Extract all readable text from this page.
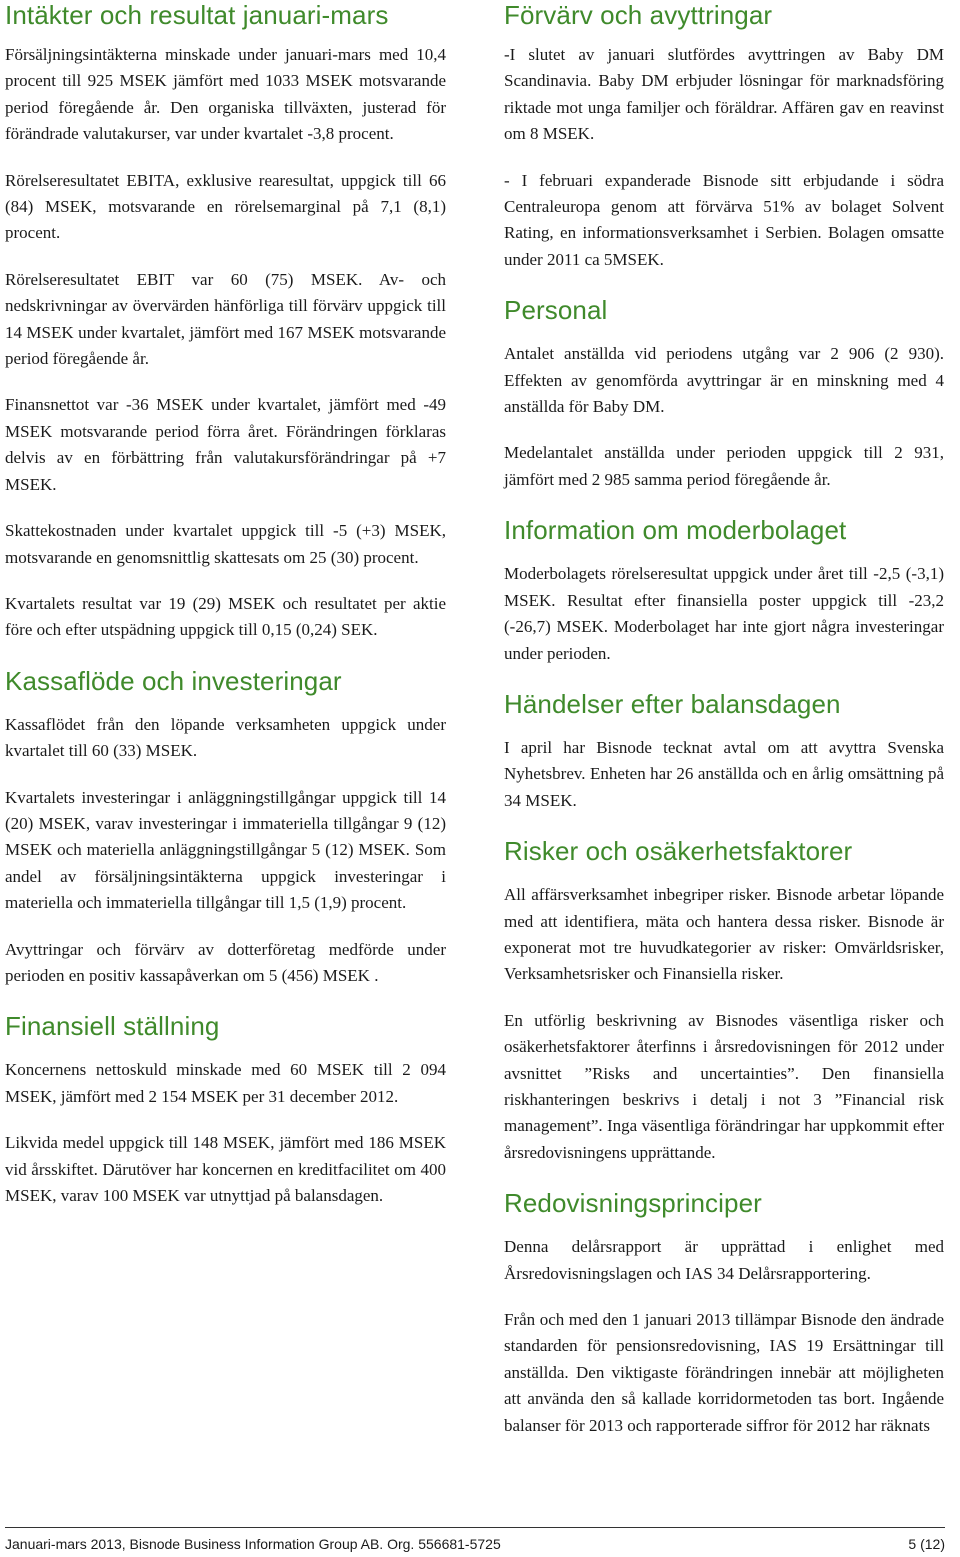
Intäkter och resultat januari-mars

Försäljningsintäkterna minskade under januari-mars med 10,4 procent till 925 MSEK jämfört med 1033 MSEK motsvarande period föregående år. Den organiska tillväxten, justerad för förändrade valutakurser, var under kvartalet -3,8 procent.

Rörelseresultatet EBITA, exklusive rearesultat, uppgick till 66 (84) MSEK, motsvarande en rörelsemarginal på 7,1 (8,1) procent.

Rörelseresultatet EBIT var 60 (75) MSEK. Av- och nedskrivningar av övervärden hänförliga till förvärv uppgick till 14 MSEK under kvartalet, jämfört med 167 MSEK motsvarande period föregående år.

Finansnettot var -36 MSEK under kvartalet, jämfört med -49 MSEK motsvarande period förra året. Förändringen förklaras delvis av en förbättring från valutakursförändringar på +7 MSEK.

Skattekostnaden under kvartalet uppgick till -5 (+3) MSEK, motsvarande en genomsnittlig skattesats om 25 (30) procent.

Kvartalets resultat var 19 (29) MSEK och resultatet per aktie före och efter utspädning uppgick till 0,15 (0,24) SEK.

Kassaflöde och investeringar

Kassaflödet från den löpande verksamheten uppgick under kvartalet till 60 (33) MSEK.

Kvartalets investeringar i anläggningstillgångar uppgick till 14 (20) MSEK, varav investeringar i immateriella tillgångar 9 (12) MSEK och materiella anläggningstillgångar 5 (12) MSEK. Som andel av försäljningsintäkterna uppgick investeringar i materiella och immateriella tillgångar till 1,5 (1,9) procent.

Avyttringar och förvärv av dotterföretag medförde under perioden en positiv kassapåverkan om 5 (456) MSEK .

Finansiell ställning

Koncernens nettoskuld minskade med 60 MSEK till 2 094 MSEK, jämfört med 2 154 MSEK per 31 december 2012.

Likvida medel uppgick till 148 MSEK, jämfört med 186 MSEK vid årsskiftet. Därutöver har koncernen en kreditfacilitet om 400 MSEK, varav 100 MSEK var utnyttjad på balansdagen.

Förvärv och avyttringar

-I slutet av januari slutfördes avyttringen av Baby DM Scandinavia. Baby DM erbjuder lösningar för marknadsföring riktade mot unga familjer och föräldrar. Affären gav en reavinst om 8 MSEK.

- I februari expanderade Bisnode sitt erbjudande i södra Centraleuropa genom att förvärva 51% av bolaget Solvent Rating, en informationsverksamhet i Serbien. Bolagen omsatte under 2011 ca 5MSEK.

Personal

Antalet anställda vid periodens utgång var 2 906 (2 930). Effekten av genomförda avyttringar är en minskning med 4 anställda för Baby DM.

Medelantalet anställda under perioden uppgick till 2 931, jämfört med 2 985 samma period föregående år.

Information om moderbolaget

Moderbolagets rörelseresultat uppgick under året till -2,5 (-3,1) MSEK. Resultat efter finansiella poster uppgick till -23,2 (-26,7) MSEK. Moderbolaget har inte gjort några investeringar under perioden.

Händelser efter balansdagen

I april har Bisnode tecknat avtal om att avyttra Svenska Nyhetsbrev. Enheten har 26 anställda och en årlig omsättning på 34 MSEK.

Risker och osäkerhetsfaktorer

All affärsverksamhet inbegriper risker. Bisnode arbetar löpande med att identifiera, mäta och hantera dessa risker. Bisnode är exponerat mot tre huvudkategorier av risker: Omvärldsrisker, Verksamhetsrisker och Finansiella risker.

En utförlig beskrivning av Bisnodes väsentliga risker och osäkerhetsfaktorer återfinns i årsredovisningen för 2012 under avsnittet ”Risks and uncertainties”. Den finansiella riskhanteringen beskrivs i detalj i not 3 ”Financial risk management”. Inga väsentliga förändringar har uppkommit efter årsredovisningens upprättande.

Redovisningsprinciper

Denna delårsrapport är upprättad i enlighet med Årsredovisningslagen och IAS 34 Delårsrapportering.

Från och med den 1 januari 2013 tillämpar Bisnode den ändrade standarden för pensionsredovisning, IAS 19 Ersättningar till anställda. Den viktigaste förändringen innebär att möjligheten att använda den så kallade korridormetoden tas bort. Ingående balanser för 2013 och rapporterade siffror för 2012 har räknats

Januari-mars 2013, Bisnode Business Information Group AB. Org. 556681-5725	5 (12)
